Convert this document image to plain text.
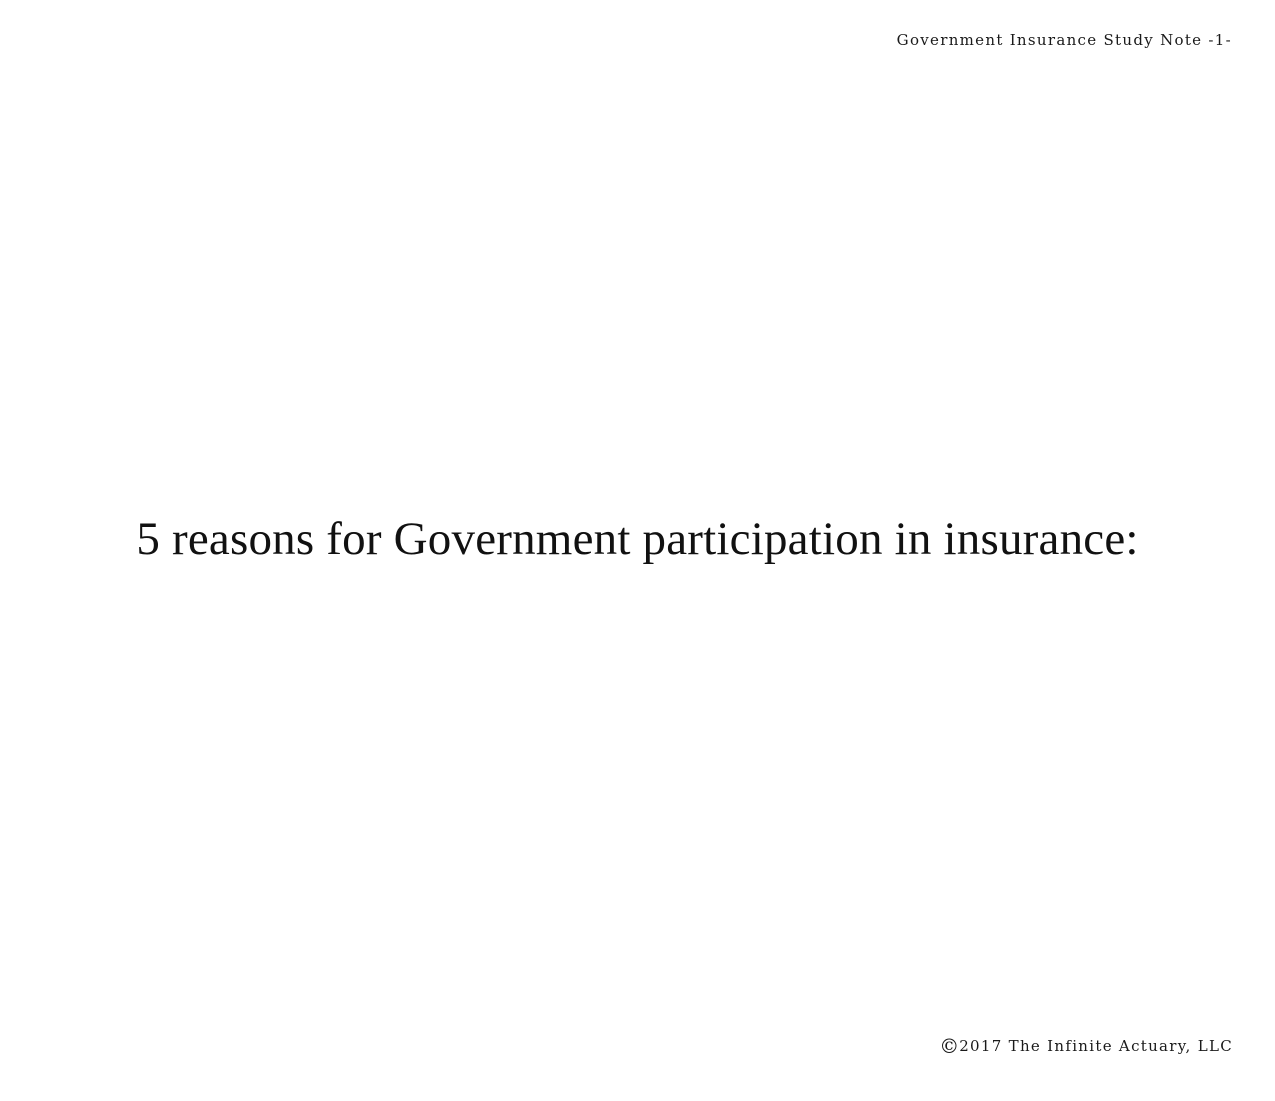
Government Insurance Study Note -1-
5 reasons for Government participation in insurance:
©2017 The Infinite Actuary, LLC
